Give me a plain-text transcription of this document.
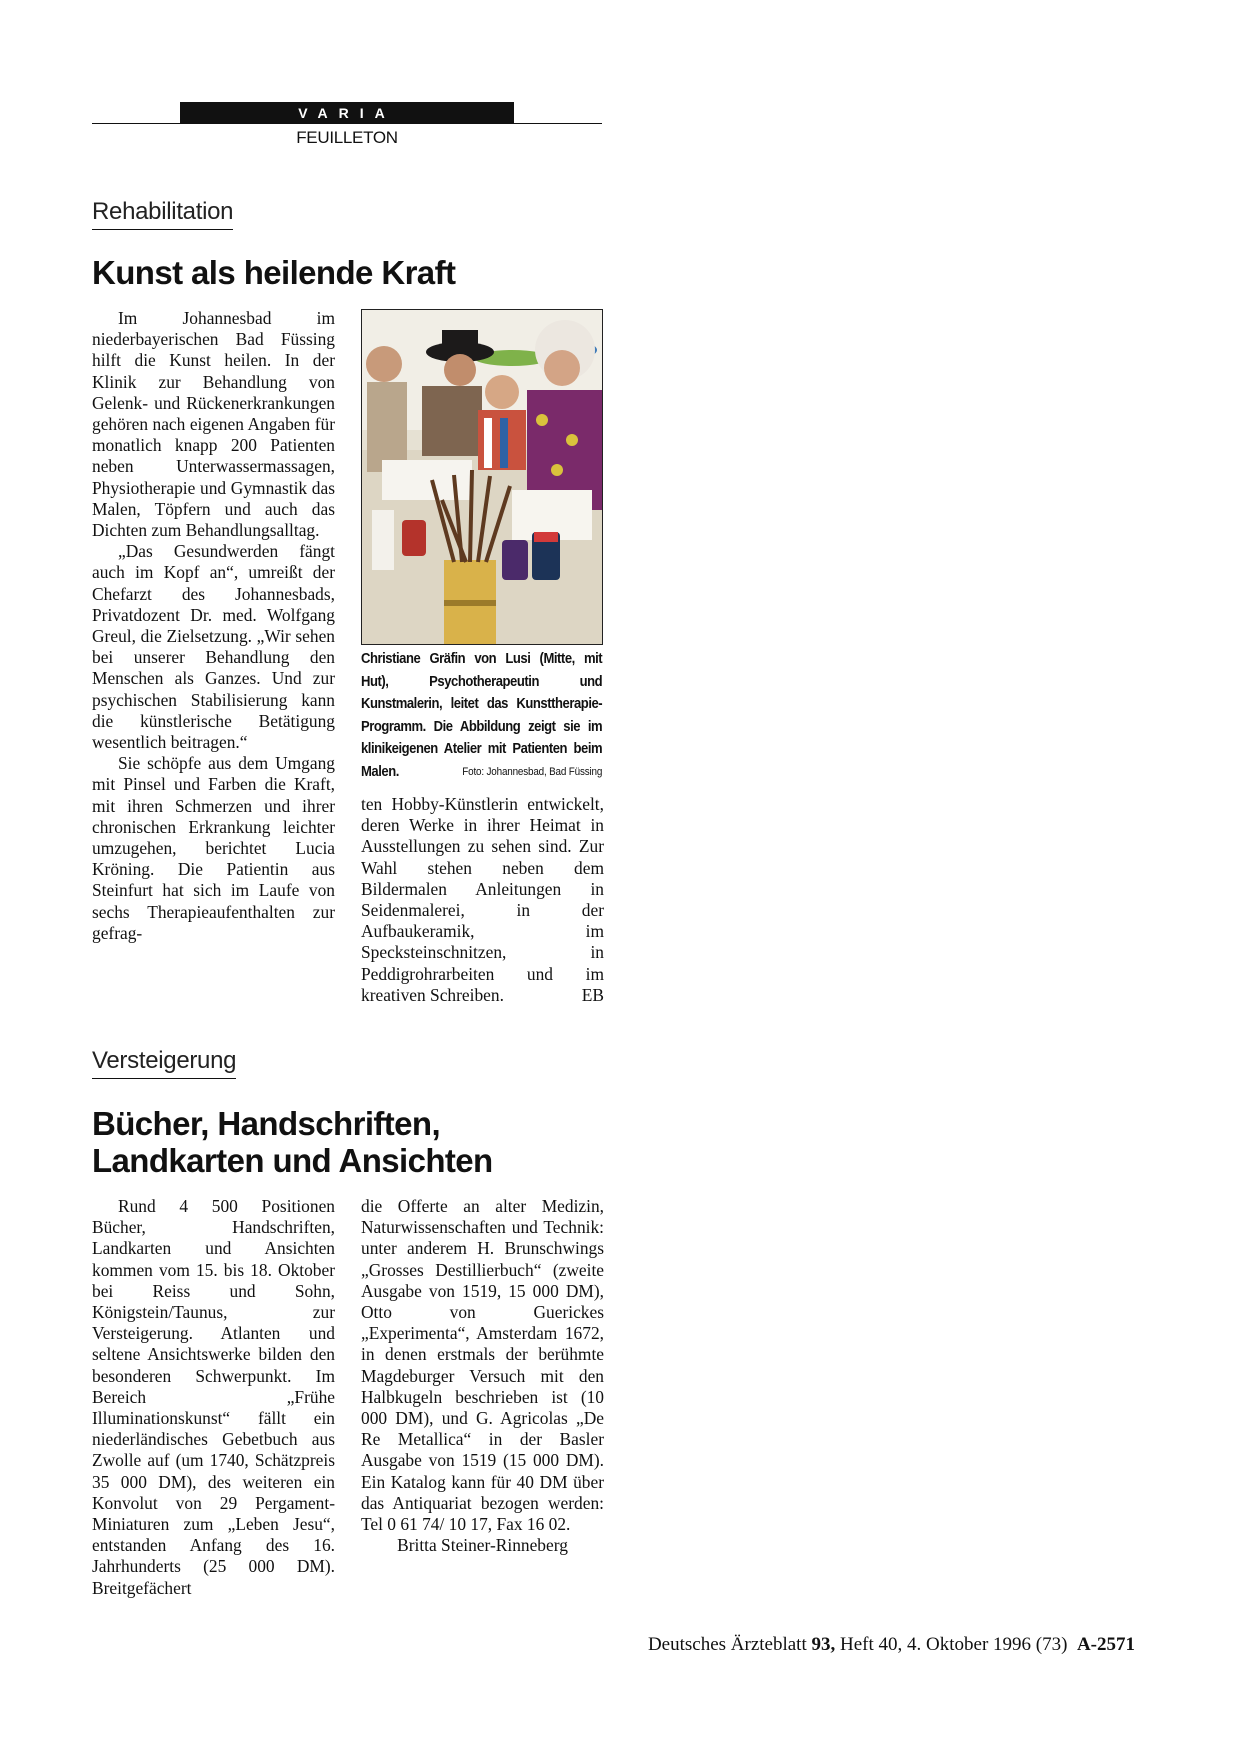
VARIA
FEUILLETON
Rehabilitation
Kunst als heilende Kraft

Im Johannesbad im niederbayerischen Bad Füssing hilft die Kunst heilen. In der Klinik zur Behandlung von Gelenk- und Rückenerkrankungen gehören nach eigenen Angaben für monatlich knapp 200 Patienten neben Unterwassermassagen, Physiotherapie und Gymnastik das Malen, Töpfern und auch das Dichten zum Behandlungsalltag.

„Das Gesundwerden fängt auch im Kopf an“, umreißt der Chefarzt des Johannesbads, Privatdozent Dr. med. Wolfgang Greul, die Zielsetzung. „Wir sehen bei unserer Behandlung den Menschen als Ganzes. Und zur psychischen Stabilisierung kann die künstlerische Betätigung wesentlich beitragen.“

Sie schöpfe aus dem Umgang mit Pinsel und Farben die Kraft, mit ihren Schmerzen und ihrer chronischen Erkrankung leichter umzugehen, berichtet Lucia Kröning. Die Patientin aus Steinfurt hat sich im Laufe von sechs Therapieaufenthalten zur gefrag-

Christiane Gräfin von Lusi (Mitte, mit Hut), Psychotherapeutin und Kunstmalerin, leitet das Kunsttherapie-Programm. Die Abbildung zeigt sie im klinikeigenen Atelier mit Patienten beim Malen.	Foto: Johannesbad, Bad Füssing

ten Hobby-Künstlerin entwickelt, deren Werke in ihrer Heimat in Ausstellungen zu sehen sind. Zur Wahl stehen neben dem Bildermalen Anleitungen in Seidenmalerei, in der Aufbaukeramik, im Specksteinschnitzen, in Peddigrohrarbeiten und im kreativen Schreiben.	EB

Versteigerung
Bücher, Handschriften,
Landkarten und Ansichten

Rund 4 500 Positionen Bücher, Handschriften, Landkarten und Ansichten kommen vom 15. bis 18. Oktober bei Reiss und Sohn, Königstein/Taunus, zur Versteigerung. Atlanten und seltene Ansichtswerke bilden den besonderen Schwerpunkt. Im Bereich „Frühe Illuminationskunst“ fällt ein niederländisches Gebetbuch aus Zwolle auf (um 1740, Schätzpreis 35 000 DM), des weiteren ein Konvolut von 29 Pergament-Miniaturen zum „Leben Jesu“, entstanden Anfang des 16. Jahrhunderts (25 000 DM). Breitgefächert

die Offerte an alter Medizin, Naturwissenschaften und Technik: unter anderem H. Brunschwings „Grosses Destillierbuch“ (zweite Ausgabe von 1519, 15 000 DM), Otto von Guerickes „Experimenta“, Amsterdam 1672, in denen erstmals der berühmte Magdeburger Versuch mit den Halbkugeln beschrieben ist (10 000 DM), und G. Agricolas „De Re Metallica“ in der Basler Ausgabe von 1519 (15 000 DM). Ein Katalog kann für 40 DM über das Antiquariat bezogen werden: Tel 0 61 74/ 10 17, Fax 16 02.

Britta Steiner-Rinneberg

Deutsches Ärzteblatt 93, Heft 40, 4. Oktober 1996 (73) A-2571
